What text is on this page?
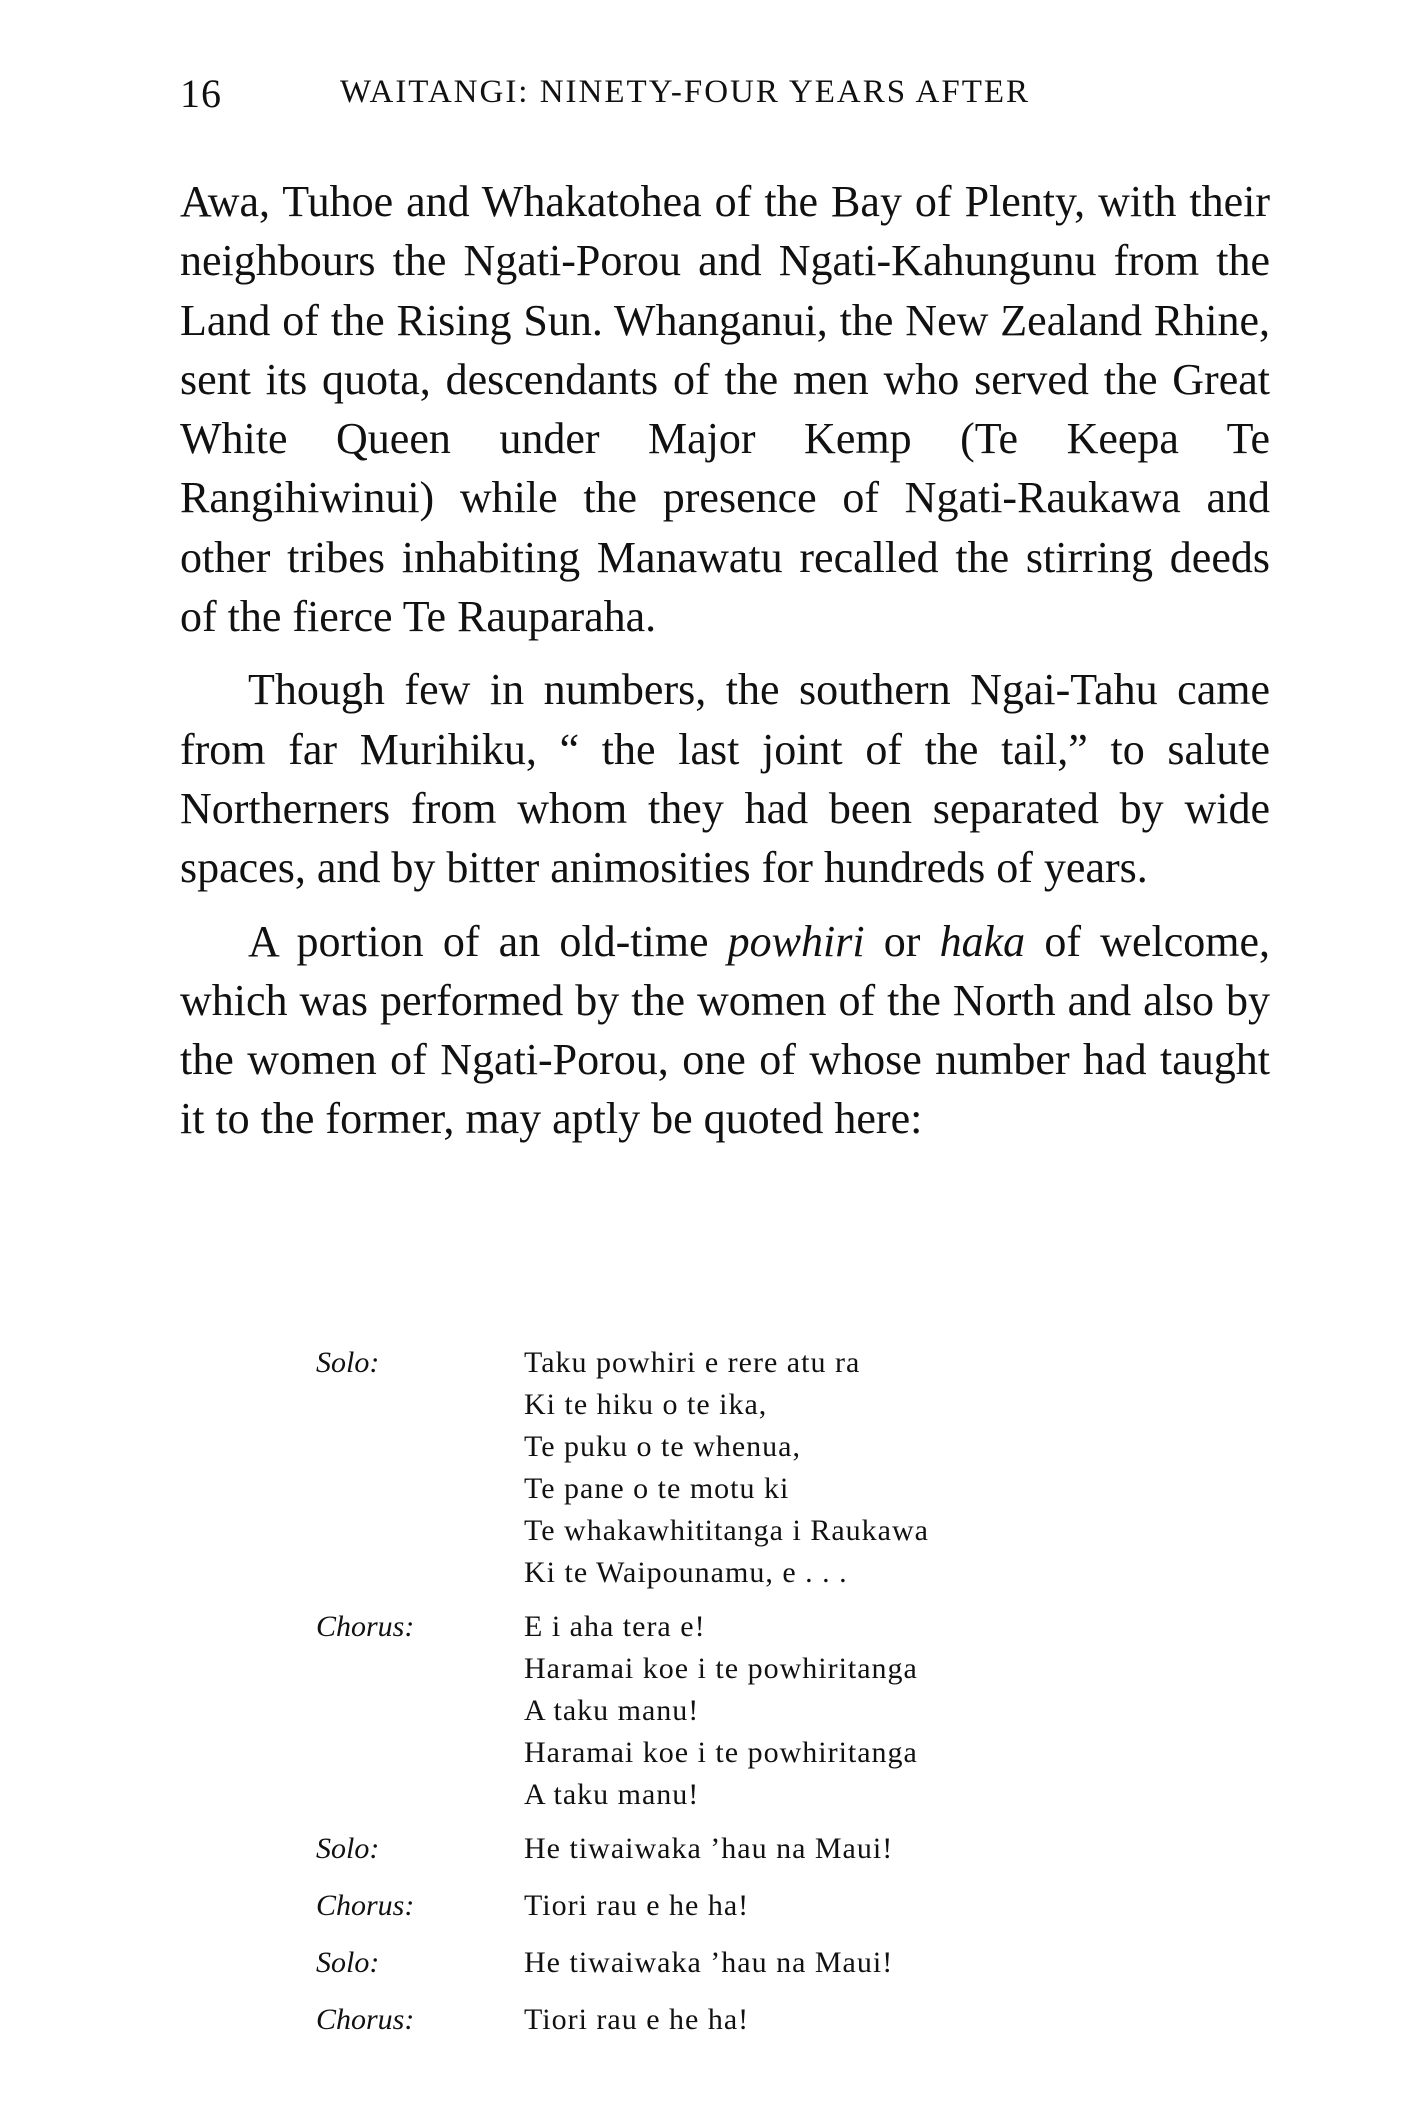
16	WAITANGI: NINETY-FOUR YEARS AFTER

Awa, Tuhoe and Whakatohea of the Bay of Plenty, with their neighbours the Ngati-Porou and Ngati-Kahungunu from the Land of the Rising Sun. Whanganui, the New Zealand Rhine, sent its quota, descendants of the men who served the Great White Queen under Major Kemp (Te Keepa Te Rangihiwinui) while the presence of Ngati-Raukawa and other tribes inhabiting Manawatu recalled the stirring deeds of the fierce Te Rauparaha.

Though few in numbers, the southern Ngai-Tahu came from far Murihiku, “ the last joint of the tail,” to salute Northerners from whom they had been separated by wide spaces, and by bitter animosities for hundreds of years.

A portion of an old-time powhiri or haka of welcome, which was performed by the women of the North and also by the women of Ngati-Porou, one of whose number had taught it to the former, may aptly be quoted here:

Solo:	Taku powhiri e rere atu ra
Ki te hiku o te ika,
Te puku o te whenua,
Te pane o te motu ki
Te whakawhititanga i Raukawa
Ki te Waipounamu, e . . .
Chorus:	E i aha tera e!
Haramai koe i te powhiritanga
A taku manu!
Haramai koe i te powhiritanga
A taku manu!
Solo:	He tiwaiwaka ’hau na Maui!
Chorus:	Tiori rau e he ha!
Solo:	He tiwaiwaka ’hau na Maui!
Chorus:	Tiori rau e he ha!
